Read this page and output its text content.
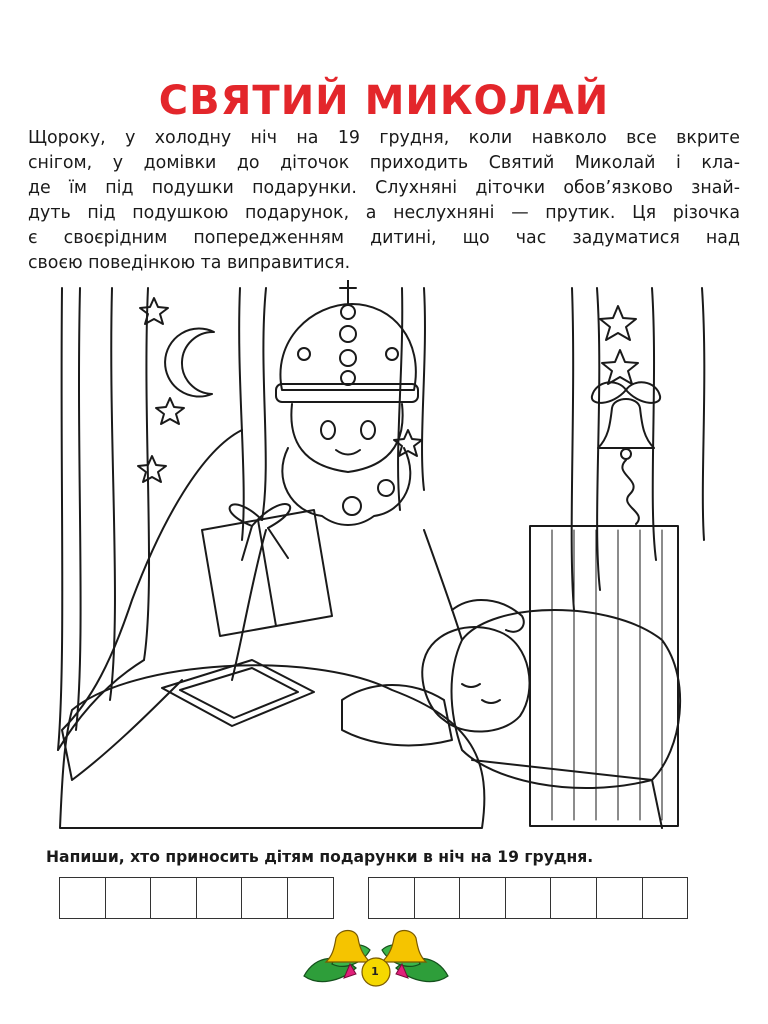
СВЯТИЙ МИКОЛАЙ
Щороку, у холодну ніч на 19 грудня, коли навколо все вкрите
снігом, у домівки до діточок приходить Святий Миколай і кла-
де їм під подушки подарунки. Слухняні діточки обов’язково знай-
дуть під подушкою подарунок, а неслухняні — прутик. Ця різочка
є своєрідним попередженням дитині, що час задуматися над
своєю поведінкою та виправитися.
Напиши, хто приносить дітям подарунки в ніч на 19 грудня.
1
